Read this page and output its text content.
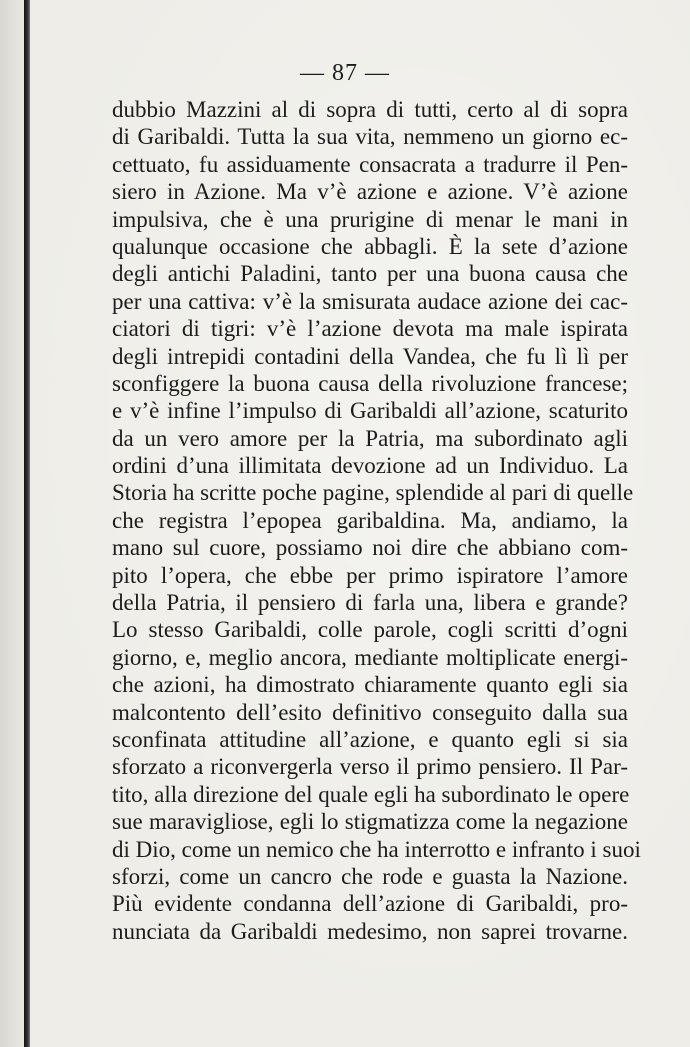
— 87 —
dubbio Mazzini al di sopra di tutti, certo al di sopra
di Garibaldi. Tutta la sua vita, nemmeno un giorno ec-
cettuato, fu assiduamente consacrata a tradurre il Pen-
siero in Azione. Ma v’è azione e azione. V’è azione
impulsiva, che è una prurigine di menar le mani in
qualunque occasione che abbagli. È la sete d’azione
degli antichi Paladini, tanto per una buona causa che
per una cattiva: v’è la smisurata audace azione dei cac-
ciatori di tigri: v’è l’azione devota ma male ispirata
degli intrepidi contadini della Vandea, che fu lì lì per
sconfiggere la buona causa della rivoluzione francese;
e v’è infine l’impulso di Garibaldi all’azione, scaturito
da un vero amore per la Patria, ma subordinato agli
ordini d’una illimitata devozione ad un Individuo. La
Storia ha scritte poche pagine, splendide al pari di quelle
che registra l’epopea garibaldina. Ma, andiamo, la
mano sul cuore, possiamo noi dire che abbiano com-
pito l’opera, che ebbe per primo ispiratore l’amore
della Patria, il pensiero di farla una, libera e grande?
Lo stesso Garibaldi, colle parole, cogli scritti d’ogni
giorno, e, meglio ancora, mediante moltiplicate energi-
che azioni, ha dimostrato chiaramente quanto egli sia
malcontento dell’esito definitivo conseguito dalla sua
sconfinata attitudine all’azione, e quanto egli si sia
sforzato a riconvergerla verso il primo pensiero. Il Par-
tito, alla direzione del quale egli ha subordinato le opere
sue maravigliose, egli lo stigmatizza come la negazione
di Dio, come un nemico che ha interrotto e infranto i suoi
sforzi, come un cancro che rode e guasta la Nazione.
Più evidente condanna dell’azione di Garibaldi, pro-
nunciata da Garibaldi medesimo, non saprei trovarne.
